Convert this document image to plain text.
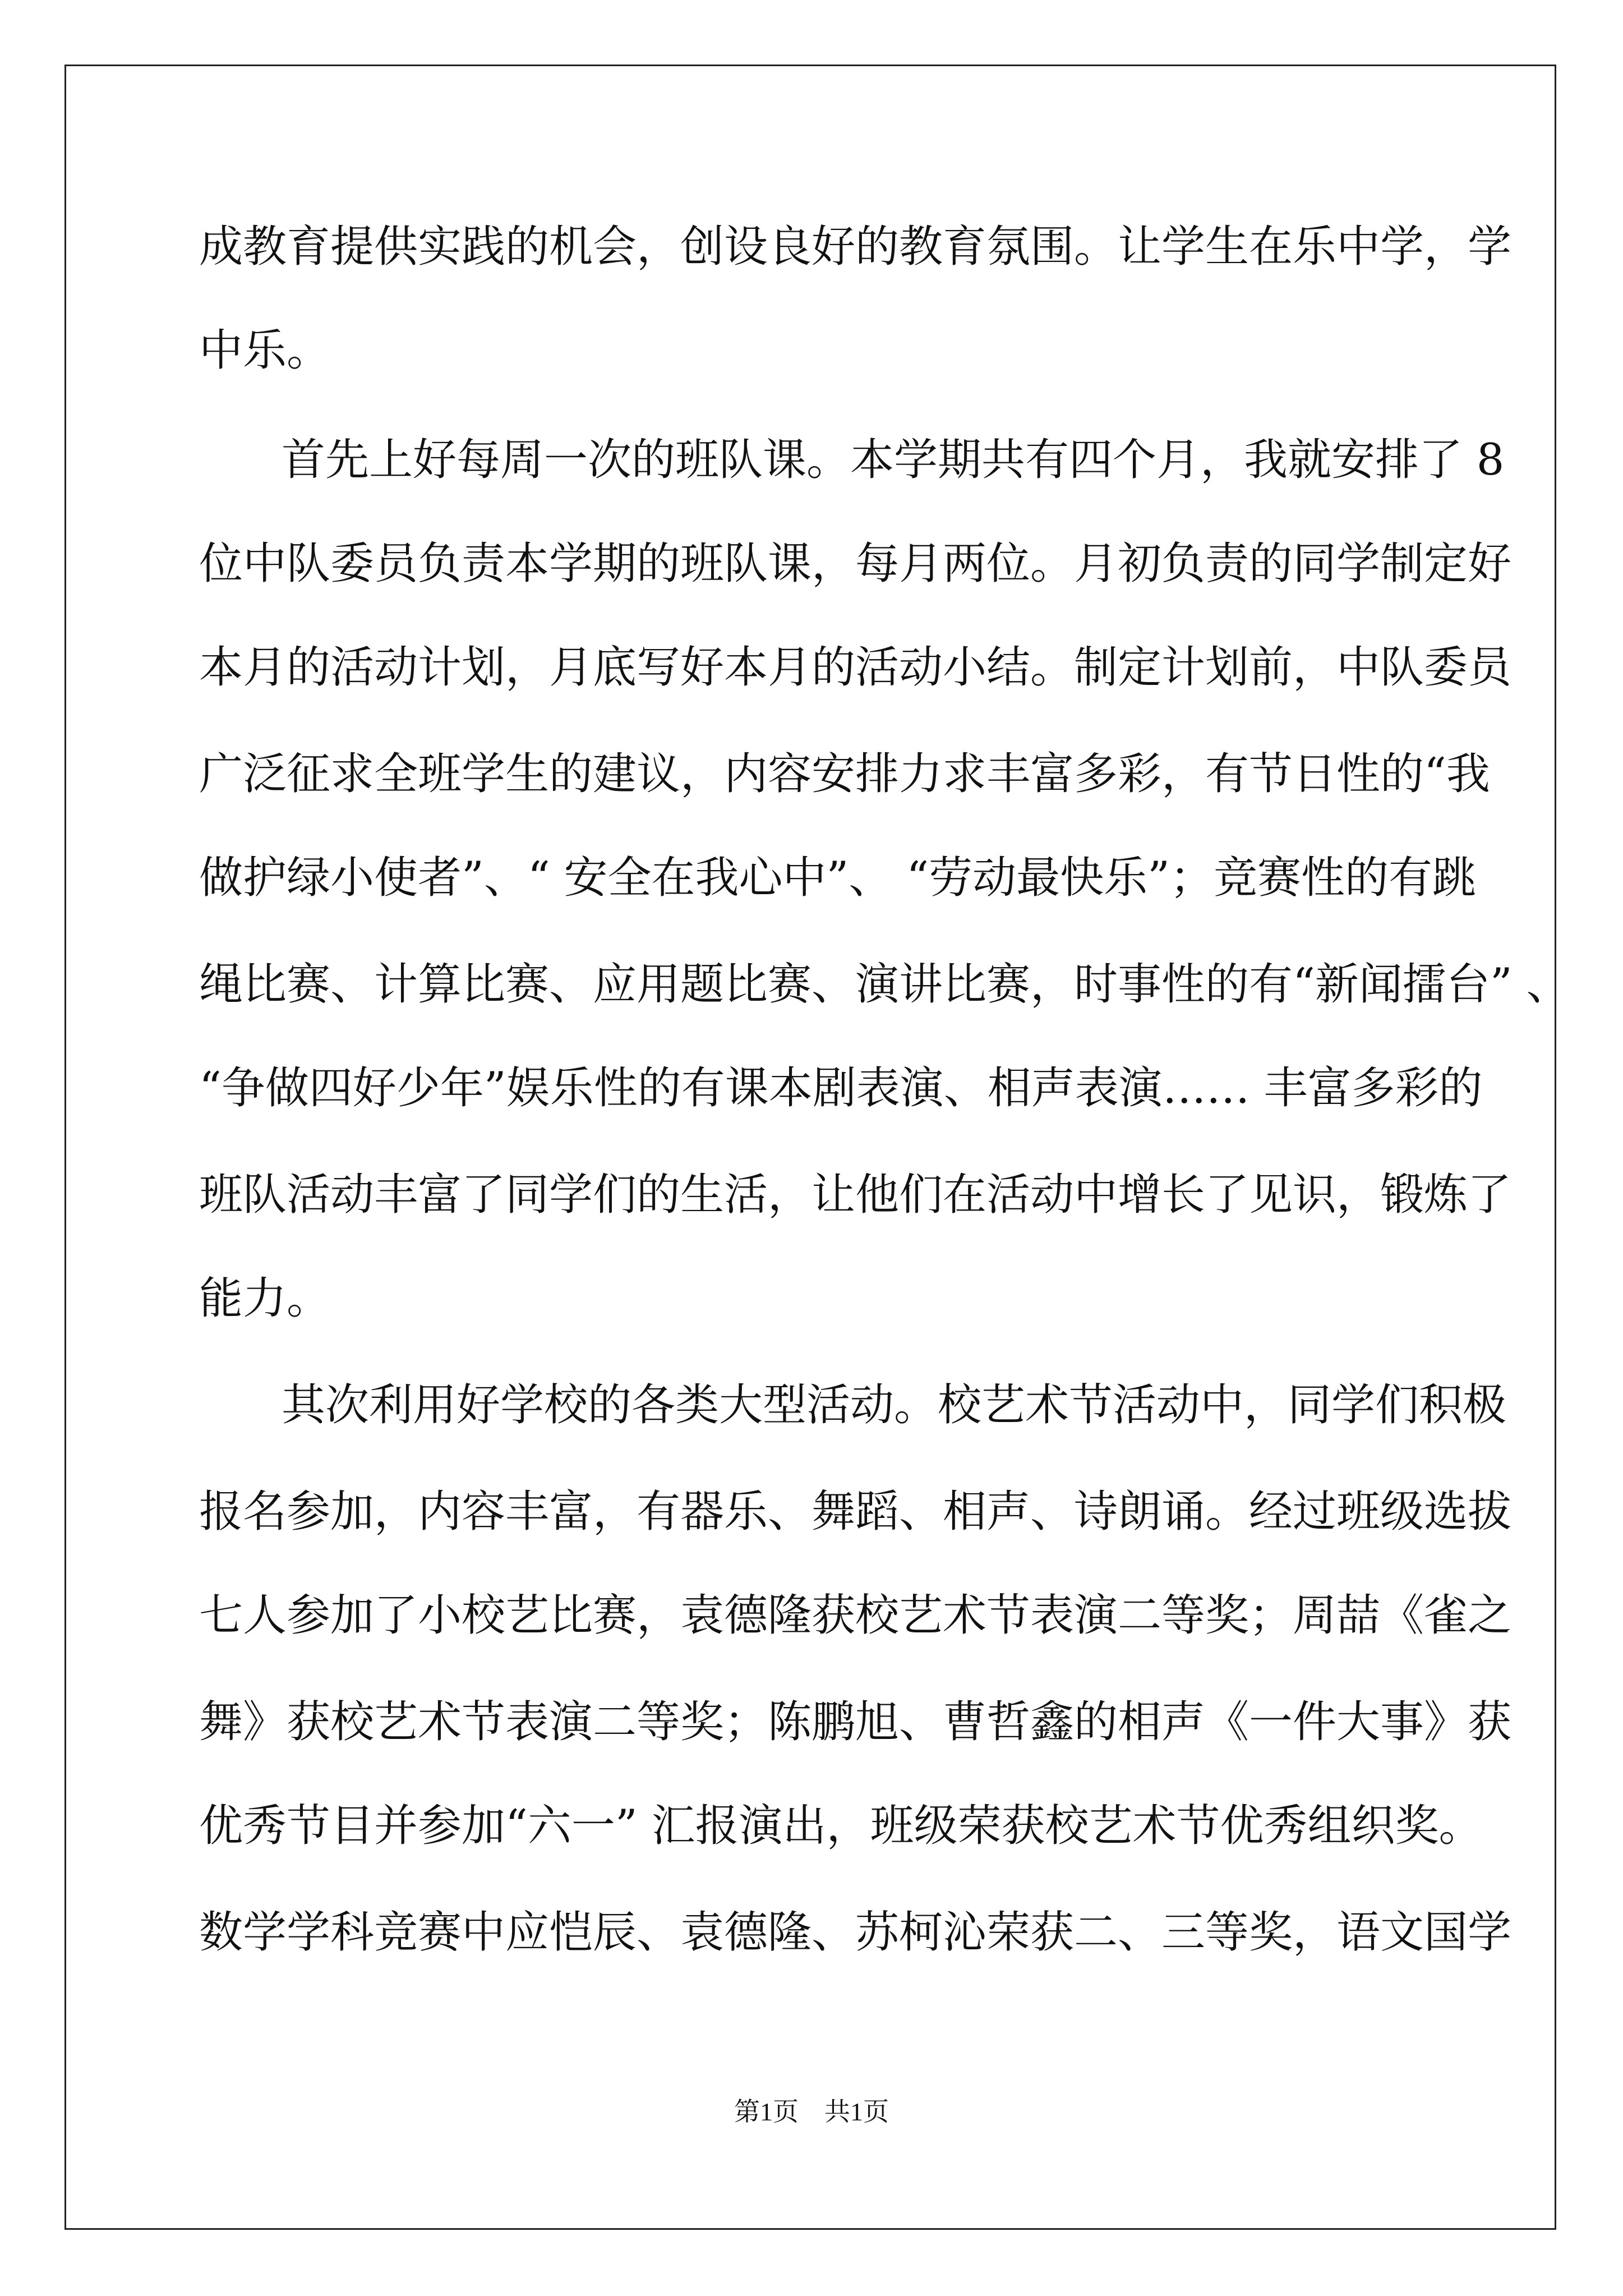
成教育提供实践的机会，创设良好的教育氛围。让学生在乐中学，学
中乐。
首先上好每周一次的班队课。本学期共有四个月，我就安排了 8
位中队委员负责本学期的班队课，每月两位。月初负责的同学制定好
本月的活动计划，月底写好本月的活动小结。制定计划前，中队委员
广泛征求全班学生的建议，内容安排力求丰富多彩，有节日性的“我
做护绿小使者”、“ 安全在我心中”、 “劳动最快乐”；竞赛性的有跳
绳比赛、计算比赛、应用题比赛、演讲比赛，时事性的有“新闻擂台” 、
“争做四好少年”娱乐性的有课本剧表演、相声表演…… 丰富多彩的
班队活动丰富了同学们的生活，让他们在活动中增长了见识，锻炼了
能力。
其次利用好学校的各类大型活动。校艺术节活动中，同学们积极
报名参加，内容丰富，有器乐、舞蹈、相声、诗朗诵。经过班级选拔
七人参加了小校艺比赛，袁德隆获校艺术节表演二等奖；周喆《雀之
舞》获校艺术节表演二等奖；陈鹏旭、曹哲鑫的相声《一件大事》获
优秀节目并参加“六一” 汇报演出，班级荣获校艺术节优秀组织奖。
数学学科竞赛中应恺辰、袁德隆、苏柯沁荣获二、三等奖，语文国学
第1页　共1页
